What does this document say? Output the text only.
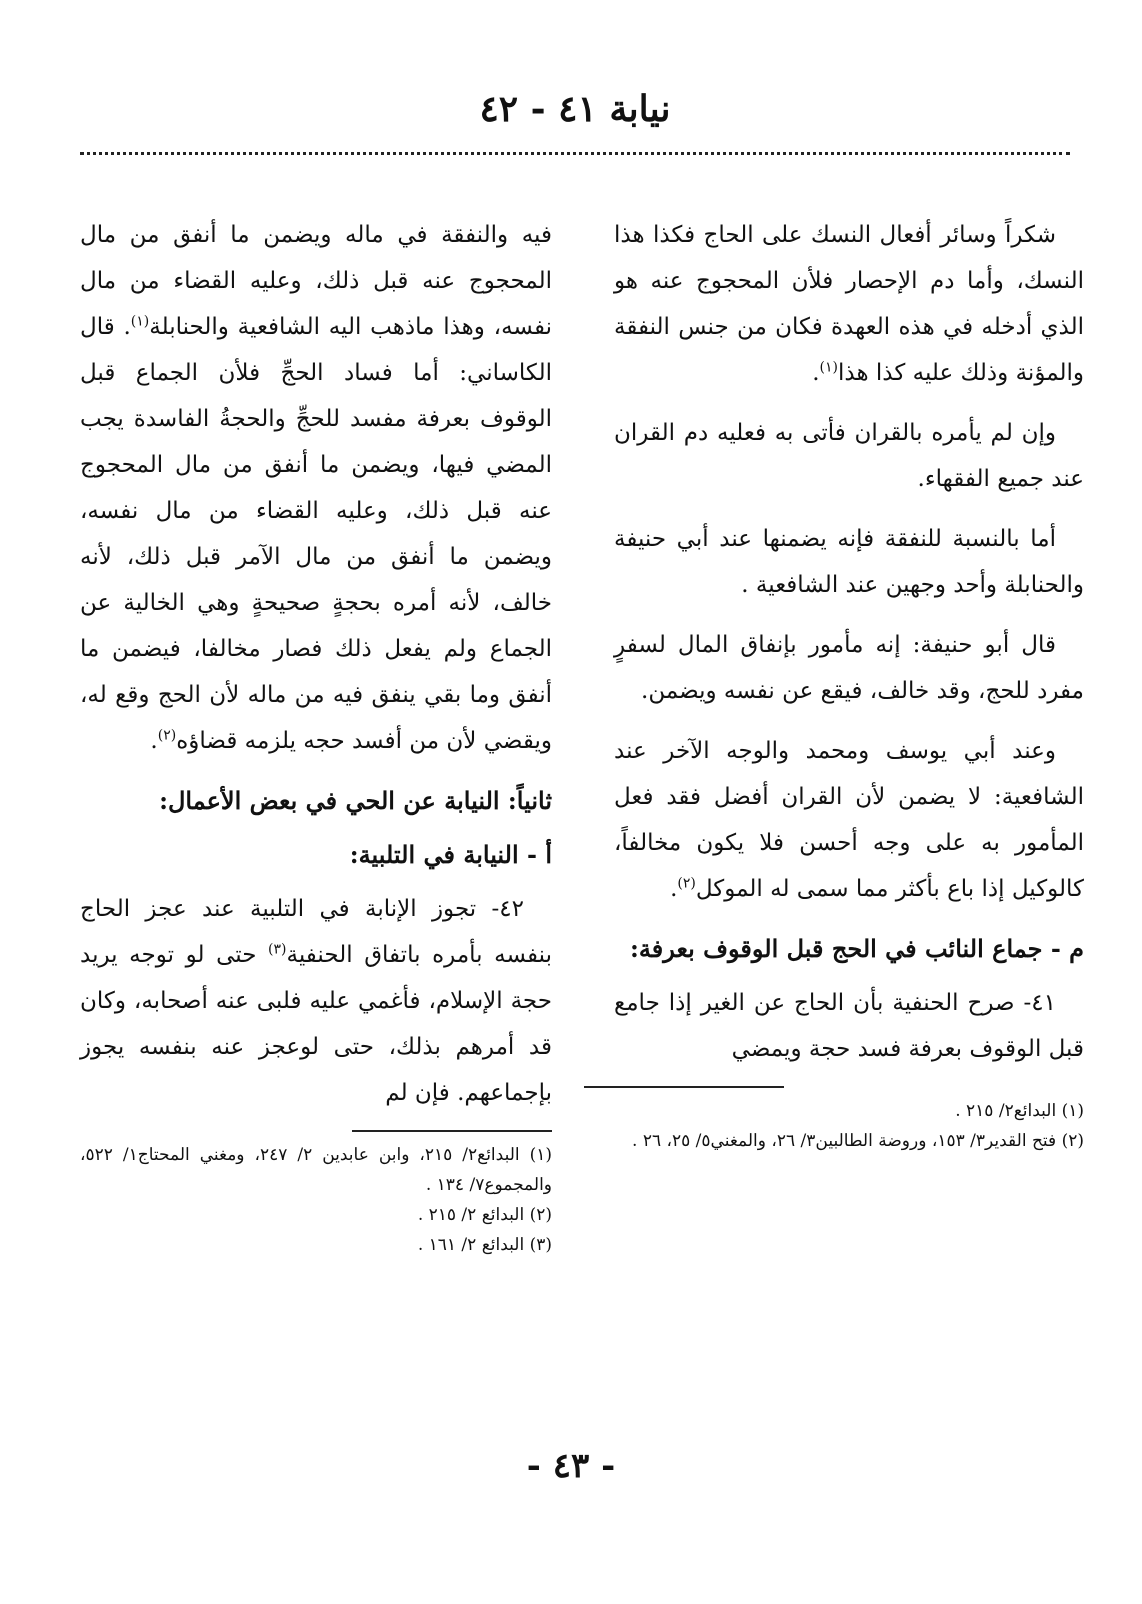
نيابة ٤١ - ٤٢

شكراً وسائر أفعال النسك على الحاج فكذا هذا النسك، وأما دم الإحصار فلأن المحجوج عنه هو الذي أدخله في هذه العهدة فكان من جنس النفقة والمؤنة وذلك عليه كذا هذا$^{(١)}$.

وإن لم يأمره بالقران فأتى به فعليه دم القران عند جميع الفقهاء.

أما بالنسبة للنفقة فإنه يضمنها عند أبي حنيفة والحنابلة وأحد وجهين عند الشافعية .

قال أبو حنيفة: إنه مأمور بإنفاق المال لسفرٍ مفرد للحج، وقد خالف، فيقع عن نفسه ويضمن.

وعند أبي يوسف ومحمد والوجه الآخر عند الشافعية: لا يضمن لأن القران أفضل فقد فعل المأمور به على وجه أحسن فلا يكون مخالفاً، كالوكيل إذا باع بأكثر مما سمى له الموكل$^{(٢)}$.

م - جماع النائب في الحج قبل الوقوف بعرفة:

٤١- صرح الحنفية بأن الحاج عن الغير إذا جامع قبل الوقوف بعرفة فسد حجة ويمضي

(١) البدائع٢/ ٢١٥ .

(٢) فتح القدير٣/ ١٥٣، وروضة الطالبين٣/ ٢٦، والمغني٥/ ٢٥، ٢٦ .

فيه والنفقة في ماله ويضمن ما أنفق من مال المحجوج عنه قبل ذلك، وعليه القضاء من مال نفسه، وهذا ماذهب اليه الشافعية والحنابلة$^{(١)}$. قال الكاساني: أما فساد الحجِّ فلأن الجماع قبل الوقوف بعرفة مفسد للحجِّ والحجةُ الفاسدة يجب المضي فيها، ويضمن ما أنفق من مال المحجوج عنه قبل ذلك، وعليه القضاء من مال نفسه، ويضمن ما أنفق من مال الآمر قبل ذلك، لأنه خالف، لأنه أمره بحجةٍ صحيحةٍ وهي الخالية عن الجماع ولم يفعل ذلك فصار مخالفا، فيضمن ما أنفق وما بقي ينفق فيه من ماله لأن الحج وقع له، ويقضي لأن من أفسد حجه يلزمه قضاؤه$^{(٢)}$.

ثانياً: النيابة عن الحي في بعض الأعمال:

أ - النيابة في التلبية:

٤٢- تجوز الإنابة في التلبية عند عجز الحاج بنفسه بأمره باتفاق الحنفية$^{(٣)}$ حتى لو توجه يريد حجة الإسلام، فأغمي عليه فلبى عنه أصحابه، وكان قد أمرهم بذلك، حتى لوعجز عنه بنفسه يجوز بإجماعهم. فإن لم

(١) البدائع٢/ ٢١٥، وابن عابدين ٢/ ٢٤٧، ومغني المحتاج١/ ٥٢٢، والمجموع٧/ ١٣٤ .

(٢) البدائع ٢/ ٢١٥ .

(٣) البدائع ٢/ ١٦١ .

- ٤٣ -
